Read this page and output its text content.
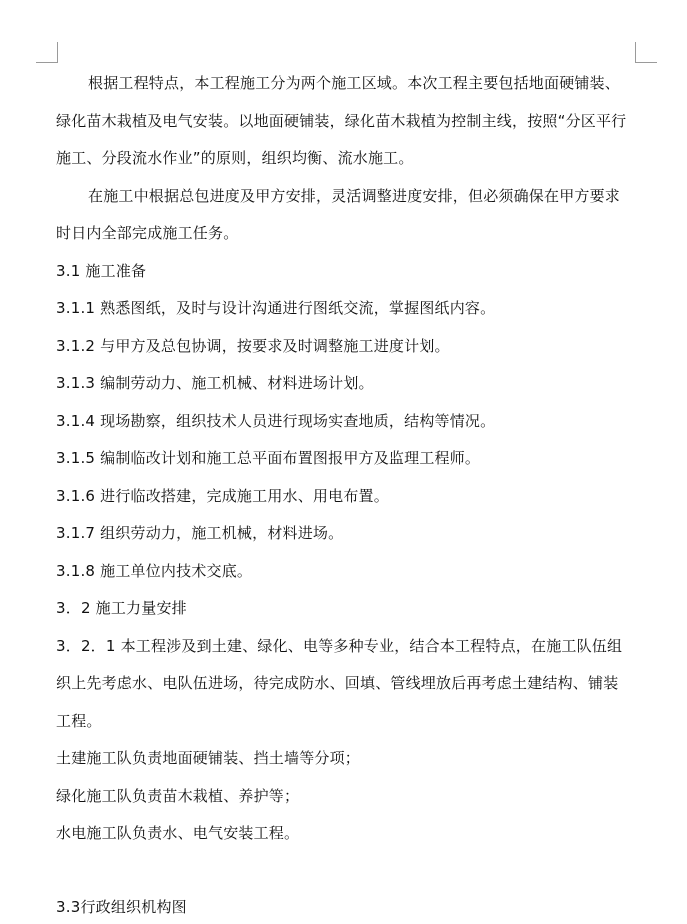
根据工程特点，本工程施工分为两个施工区域。本次工程主要包括地面硬铺装、
绿化苗木栽植及电气安装。以地面硬铺装，绿化苗木栽植为控制主线，按照“分区平行
施工、分段流水作业”的原则，组织均衡、流水施工。
在施工中根据总包进度及甲方安排，灵活调整进度安排，但必须确保在甲方要求
时日内全部完成施工任务。
3.1 施工准备
3.1.1 熟悉图纸，及时与设计沟通进行图纸交流，掌握图纸内容。
3.1.2 与甲方及总包协调，按要求及时调整施工进度计划。
3.1.3 编制劳动力、施工机械、材料进场计划。
3.1.4 现场勘察，组织技术人员进行现场实查地质，结构等情况。
3.1.5 编制临改计划和施工总平面布置图报甲方及监理工程师。
3.1.6 进行临改搭建，完成施工用水、用电布置。
3.1.7 组织劳动力，施工机械，材料进场。
3.1.8 施工单位内技术交底。
3．2 施工力量安排
3．2．1 本工程涉及到土建、绿化、电等多种专业，结合本工程特点，在施工队伍组
织上先考虑水、电队伍进场，待完成防水、回填、管线埋放后再考虑土建结构、铺装
工程。
土建施工队负责地面硬铺装、挡土墙等分项；
绿化施工队负责苗木栽植、养护等；
水电施工队负责水、电气安装工程。
3.3行政组织机构图
